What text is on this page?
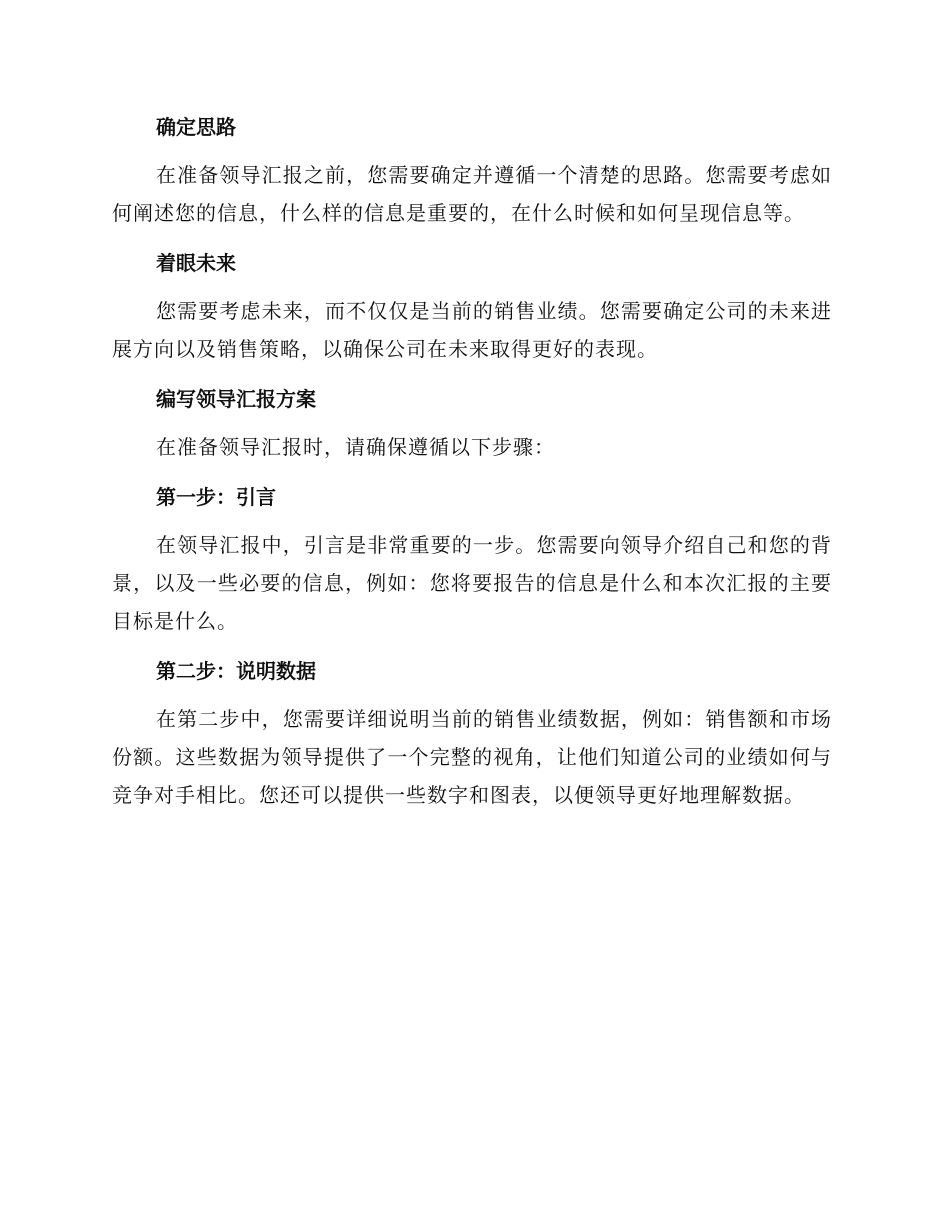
确定思路

在准备领导汇报之前，您需要确定并遵循一个清楚的思路。您需要考虑如何阐述您的信息，什么样的信息是重要的，在什么时候和如何呈现信息等。

着眼未来

您需要考虑未来，而不仅仅是当前的销售业绩。您需要确定公司的未来进展方向以及销售策略，以确保公司在未来取得更好的表现。

编写领导汇报方案

在准备领导汇报时，请确保遵循以下步骤：

第一步：引言

在领导汇报中，引言是非常重要的一步。您需要向领导介绍自己和您的背景，以及一些必要的信息，例如：您将要报告的信息是什么和本次汇报的主要目标是什么。

第二步：说明数据

在第二步中，您需要详细说明当前的销售业绩数据，例如：销售额和市场份额。这些数据为领导提供了一个完整的视角，让他们知道公司的业绩如何与竞争对手相比。您还可以提供一些数字和图表，以便领导更好地理解数据。
